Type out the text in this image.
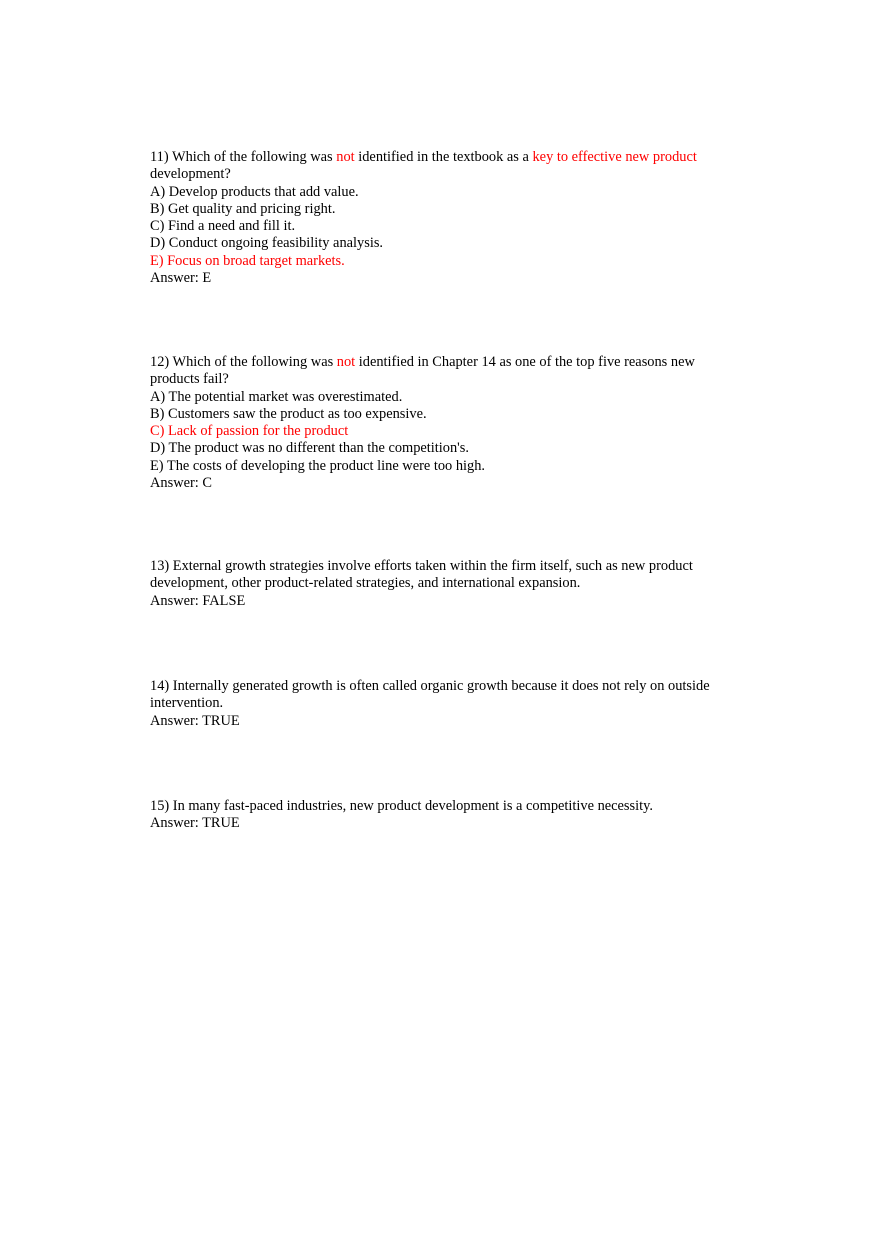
11) Which of the following was not identified in the textbook as a key to effective new product development?
A) Develop products that add value.
B) Get quality and pricing right.
C) Find a need and fill it.
D) Conduct ongoing feasibility analysis.
E) Focus on broad target markets.
Answer: E
12) Which of the following was not identified in Chapter 14 as one of the top five reasons new products fail?
A) The potential market was overestimated.
B) Customers saw the product as too expensive.
C) Lack of passion for the product
D) The product was no different than the competition's.
E) The costs of developing the product line were too high.
Answer: C
13) External growth strategies involve efforts taken within the firm itself, such as new product development, other product-related strategies, and international expansion.
Answer: FALSE
14) Internally generated growth is often called organic growth because it does not rely on outside intervention.
Answer: TRUE
15) In many fast-paced industries, new product development is a competitive necessity.
Answer: TRUE
